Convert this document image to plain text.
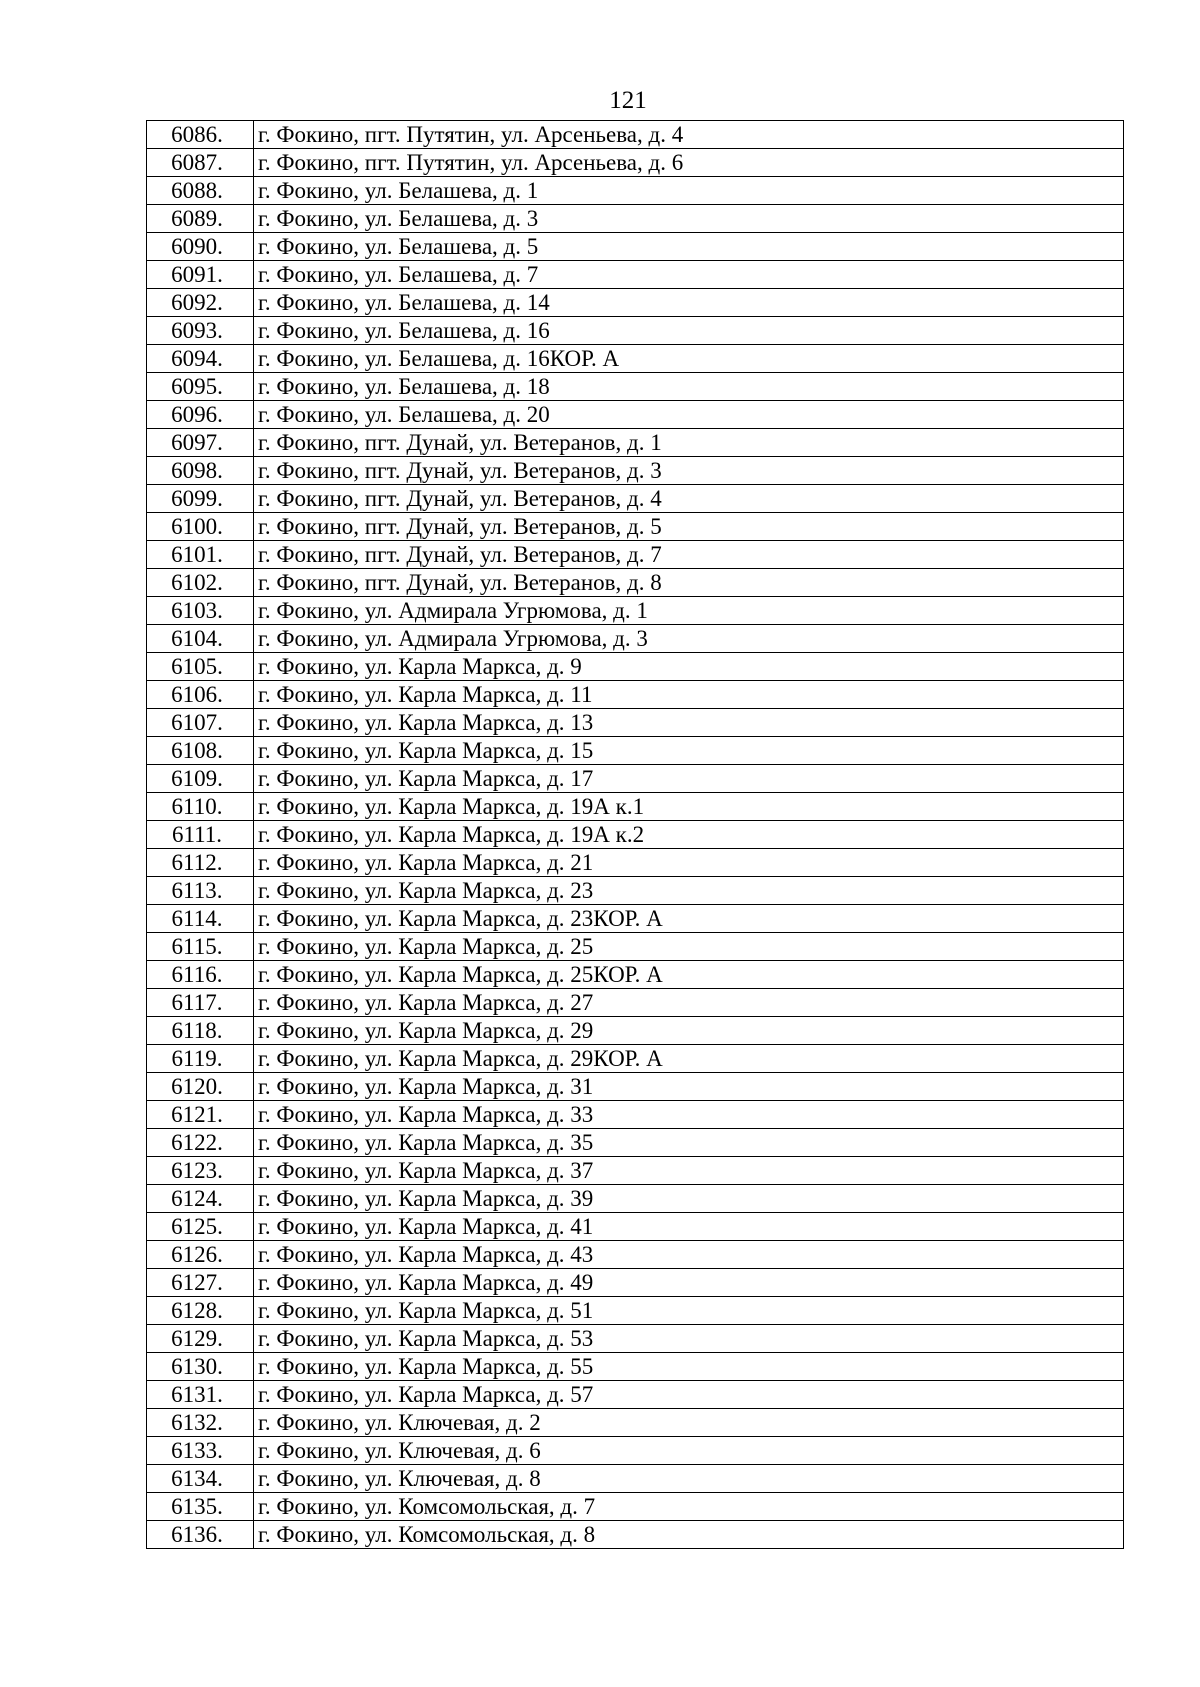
121
6086.	г. Фокино, пгт. Путятин, ул. Арсеньева, д. 4
6087.	г. Фокино, пгт. Путятин, ул. Арсеньева, д. 6
6088.	г. Фокино, ул. Белашева, д. 1
6089.	г. Фокино, ул. Белашева, д. 3
6090.	г. Фокино, ул. Белашева, д. 5
6091.	г. Фокино, ул. Белашева, д. 7
6092.	г. Фокино, ул. Белашева, д. 14
6093.	г. Фокино, ул. Белашева, д. 16
6094.	г. Фокино, ул. Белашева, д. 16КОР. А
6095.	г. Фокино, ул. Белашева, д. 18
6096.	г. Фокино, ул. Белашева, д. 20
6097.	г. Фокино, пгт. Дунай, ул. Ветеранов, д. 1
6098.	г. Фокино, пгт. Дунай, ул. Ветеранов, д. 3
6099.	г. Фокино, пгт. Дунай, ул. Ветеранов, д. 4
6100.	г. Фокино, пгт. Дунай, ул. Ветеранов, д. 5
6101.	г. Фокино, пгт. Дунай, ул. Ветеранов, д. 7
6102.	г. Фокино, пгт. Дунай, ул. Ветеранов, д. 8
6103.	г. Фокино, ул. Адмирала Угрюмова, д. 1
6104.	г. Фокино, ул. Адмирала Угрюмова, д. 3
6105.	г. Фокино, ул. Карла Маркса, д. 9
6106.	г. Фокино, ул. Карла Маркса, д. 11
6107.	г. Фокино, ул. Карла Маркса, д. 13
6108.	г. Фокино, ул. Карла Маркса, д. 15
6109.	г. Фокино, ул. Карла Маркса, д. 17
6110.	г. Фокино, ул. Карла Маркса, д. 19А к.1
6111.	г. Фокино, ул. Карла Маркса, д. 19А к.2
6112.	г. Фокино, ул. Карла Маркса, д. 21
6113.	г. Фокино, ул. Карла Маркса, д. 23
6114.	г. Фокино, ул. Карла Маркса, д. 23КОР. А
6115.	г. Фокино, ул. Карла Маркса, д. 25
6116.	г. Фокино, ул. Карла Маркса, д. 25КОР. А
6117.	г. Фокино, ул. Карла Маркса, д. 27
6118.	г. Фокино, ул. Карла Маркса, д. 29
6119.	г. Фокино, ул. Карла Маркса, д. 29КОР. А
6120.	г. Фокино, ул. Карла Маркса, д. 31
6121.	г. Фокино, ул. Карла Маркса, д. 33
6122.	г. Фокино, ул. Карла Маркса, д. 35
6123.	г. Фокино, ул. Карла Маркса, д. 37
6124.	г. Фокино, ул. Карла Маркса, д. 39
6125.	г. Фокино, ул. Карла Маркса, д. 41
6126.	г. Фокино, ул. Карла Маркса, д. 43
6127.	г. Фокино, ул. Карла Маркса, д. 49
6128.	г. Фокино, ул. Карла Маркса, д. 51
6129.	г. Фокино, ул. Карла Маркса, д. 53
6130.	г. Фокино, ул. Карла Маркса, д. 55
6131.	г. Фокино, ул. Карла Маркса, д. 57
6132.	г. Фокино, ул. Ключевая, д. 2
6133.	г. Фокино, ул. Ключевая, д. 6
6134.	г. Фокино, ул. Ключевая, д. 8
6135.	г. Фокино, ул. Комсомольская, д. 7
6136.	г. Фокино, ул. Комсомольская, д. 8
